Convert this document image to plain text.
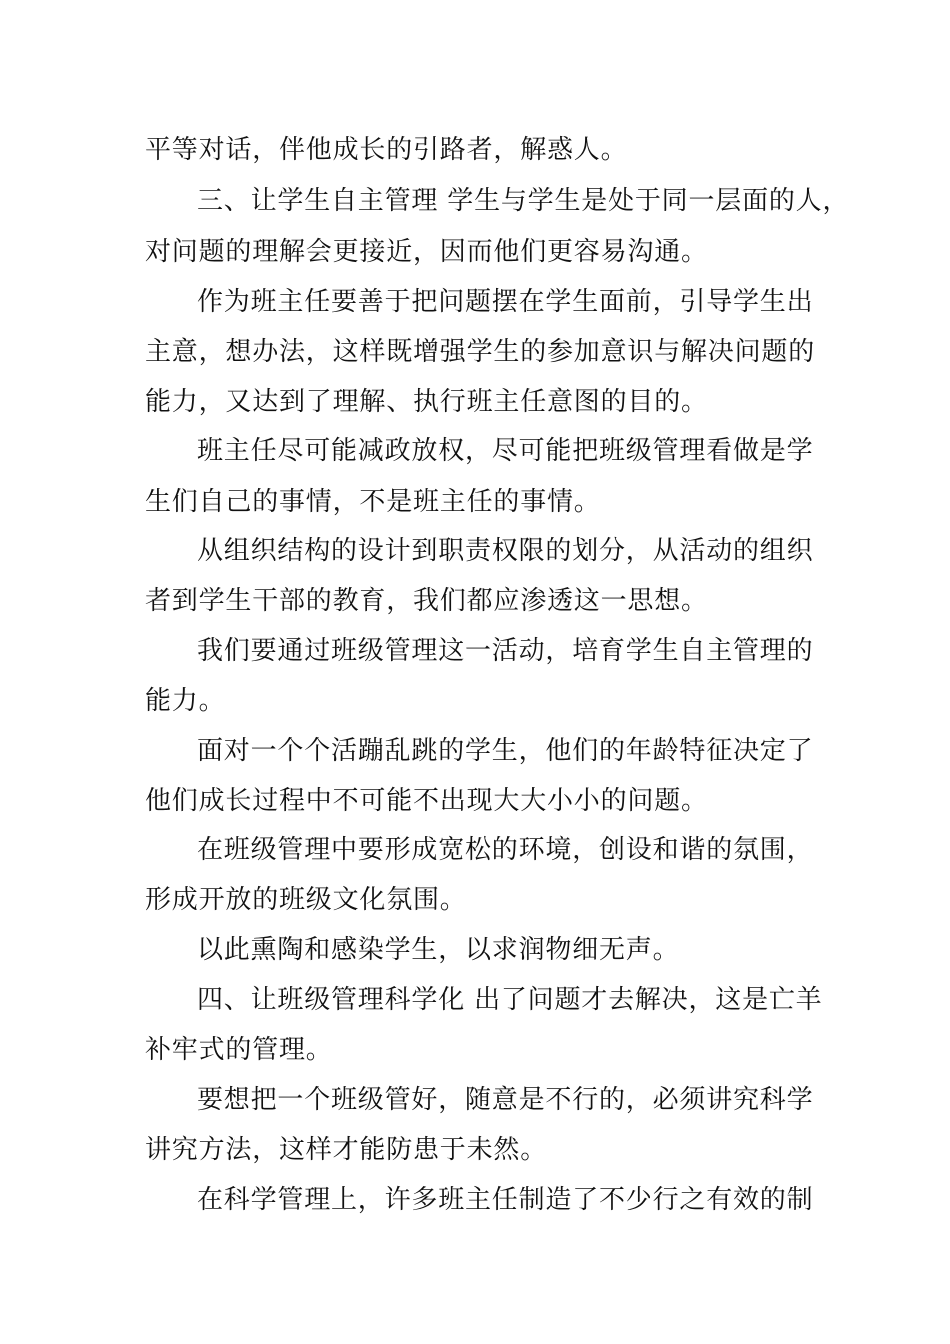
平等对话，伴他成长的引路者，解惑人。

三、让学生自主管理 学生与学生是处于同一层面的人，

对问题的理解会更接近，因而他们更容易沟通。

作为班主任要善于把问题摆在学生面前，引导学生出

主意，想办法，这样既增强学生的参加意识与解决问题的

能力，又达到了理解、执行班主任意图的目的。

班主任尽可能减政放权，尽可能把班级管理看做是学

生们自己的事情，不是班主任的事情。

从组织结构的设计到职责权限的划分，从活动的组织

者到学生干部的教育，我们都应渗透这一思想。

我们要通过班级管理这一活动，培育学生自主管理的

能力。

面对一个个活蹦乱跳的学生，他们的年龄特征决定了

他们成长过程中不可能不出现大大小小的问题。

在班级管理中要形成宽松的环境，创设和谐的氛围，

形成开放的班级文化氛围。

以此熏陶和感染学生，以求润物细无声。

四、让班级管理科学化 出了问题才去解决，这是亡羊

补牢式的管理。

要想把一个班级管好，随意是不行的，必须讲究科学

讲究方法，这样才能防患于未然。

在科学管理上，许多班主任制造了不少行之有效的制
